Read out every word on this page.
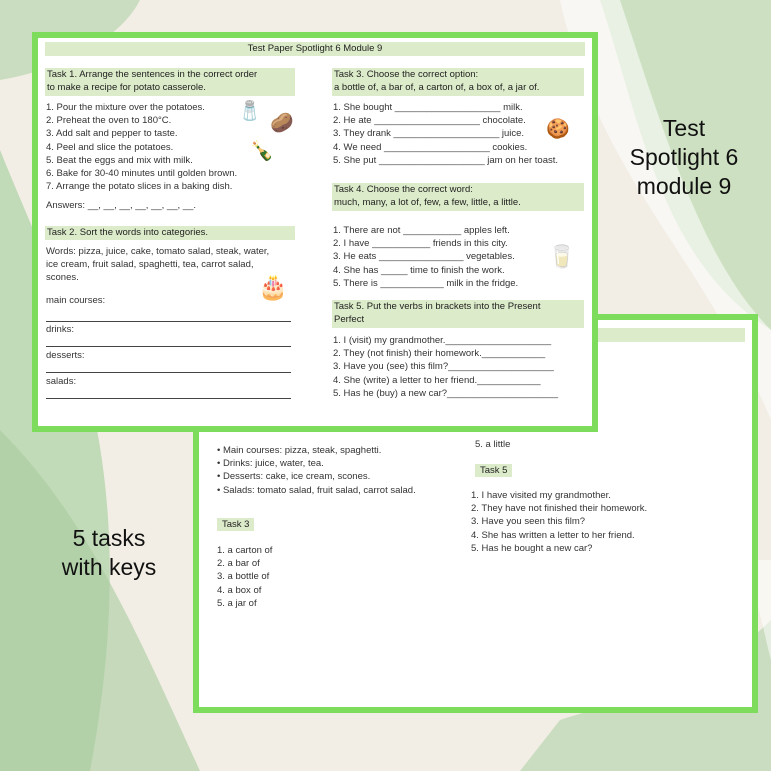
Test
Spotlight 6
module 9
5 tasks
with keys
• Main courses: pizza, steak, spaghetti.
• Drinks: juice, water, tea.
• Desserts: cake, ice cream, scones.
• Salads: tomato salad, fruit salad, carrot salad.
Task 3
1. a carton of
2. a bar of
3. a bottle of
4. a box of
5. a jar of
5. a little
Task 5
1. I have visited my grandmother.
2. They have not finished their homework.
3. Have you seen this film?
4. She has written a letter to her friend.
5. Has he bought a new car?
Test Paper Spotlight 6 Module 9
Task 1. Arrange the sentences in the correct order
to make a recipe for potato casserole.
1. Pour the mixture over the potatoes.
2. Preheat the oven to 180°C.
3. Add salt and pepper to taste.
4. Peel and slice the potatoes.
5. Beat the eggs and mix with milk.
6. Bake for 30-40 minutes until golden brown.
7. Arrange the potato slices in a baking dish.
Answers: __, __, __, __, __, __, __.
🧂
🥔
🍾
Task 2. Sort the words into categories.
Words: pizza, juice, cake, tomato salad, steak, water,
ice cream, fruit salad, spaghetti, tea, carrot salad,
scones.	🎂
main courses:
drinks:
desserts:
salads:
Task 3. Choose the correct option:
a bottle of, a bar of, a carton of, a box of, a jar of.
1. She bought ____________________ milk.
2. He ate ____________________ chocolate.
3. They drank ____________________ juice.
4. We need ____________________ cookies.
5. She put ____________________ jam on her toast.
🍪
Task 4. Choose the correct word:
much, many, a lot of, few, a few, little, a little.
1. There are not ___________ apples left.
2. I have ___________ friends in this city.
3. He eats ________________ vegetables.
4. She has _____ time to finish the work.
5. There is ____________ milk in the fridge.
🥛
Task 5. Put the verbs in brackets into the Present
Perfect
1. I (visit) my grandmother.____________________
2. They (not finish) their homework.____________
3. Have you (see) this film?____________________
4. She (write) a letter to her friend.____________
5. Has he (buy) a new car?_____________________
